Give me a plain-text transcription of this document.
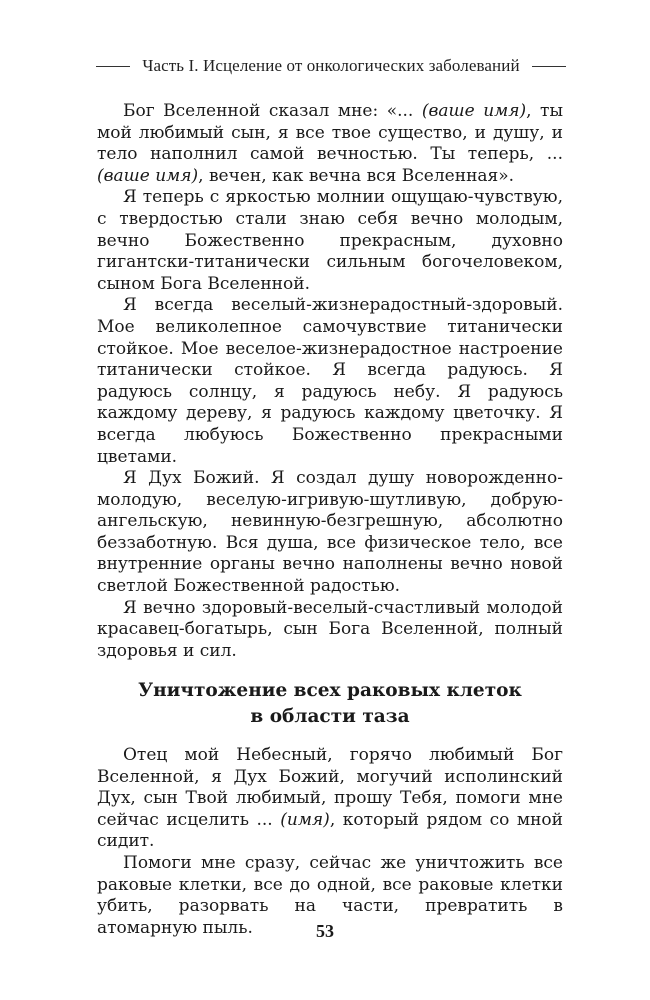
Часть I. Исцеление от онкологических заболеваний

Бог Вселенной сказал мне: «... (ваше имя), ты мой любимый сын, я все твое существо, и душу, и тело наполнил самой вечностью. Ты теперь, ... (ваше имя), вечен, как вечна вся Вселенная».

Я теперь с яркостью молнии ощущаю-чувствую, с твердостью стали знаю себя вечно молодым, вечно Божественно прекрасным, духовно гигантски-титанически сильным богочеловеком, сыном Бога Вселенной.

Я всегда веселый-жизнерадостный-здоровый. Мое великолепное самочувствие титанически стойкое. Мое веселое-жизнерадостное настроение титанически стойкое. Я всегда радуюсь. Я радуюсь солнцу, я радуюсь небу. Я радуюсь каждому дереву, я радуюсь каждому цветочку. Я всегда любуюсь Божественно прекрасными цветами.

Я Дух Божий. Я создал душу новорожденно-молодую, веселую-игривую-шутливую, добрую-ангельскую, невинную-безгрешную, абсолютно беззаботную. Вся душа, все физическое тело, все внутренние органы вечно наполнены вечно новой светлой Божественной радостью.

Я вечно здоровый-веселый-счастливый молодой красавец-богатырь, сын Бога Вселенной, полный здоровья и сил.

Уничтожение всех раковых клеток
в области таза

Отец мой Небесный, горячо любимый Бог Вселенной, я Дух Божий, могучий исполинский Дух, сын Твой любимый, прошу Тебя, помоги мне сейчас исцелить ... (имя), который рядом со мной сидит.

Помоги мне сразу, сейчас же уничтожить все раковые клетки, все до одной, все раковые клетки убить, разорвать на части, превратить в атомарную пыль.	53
